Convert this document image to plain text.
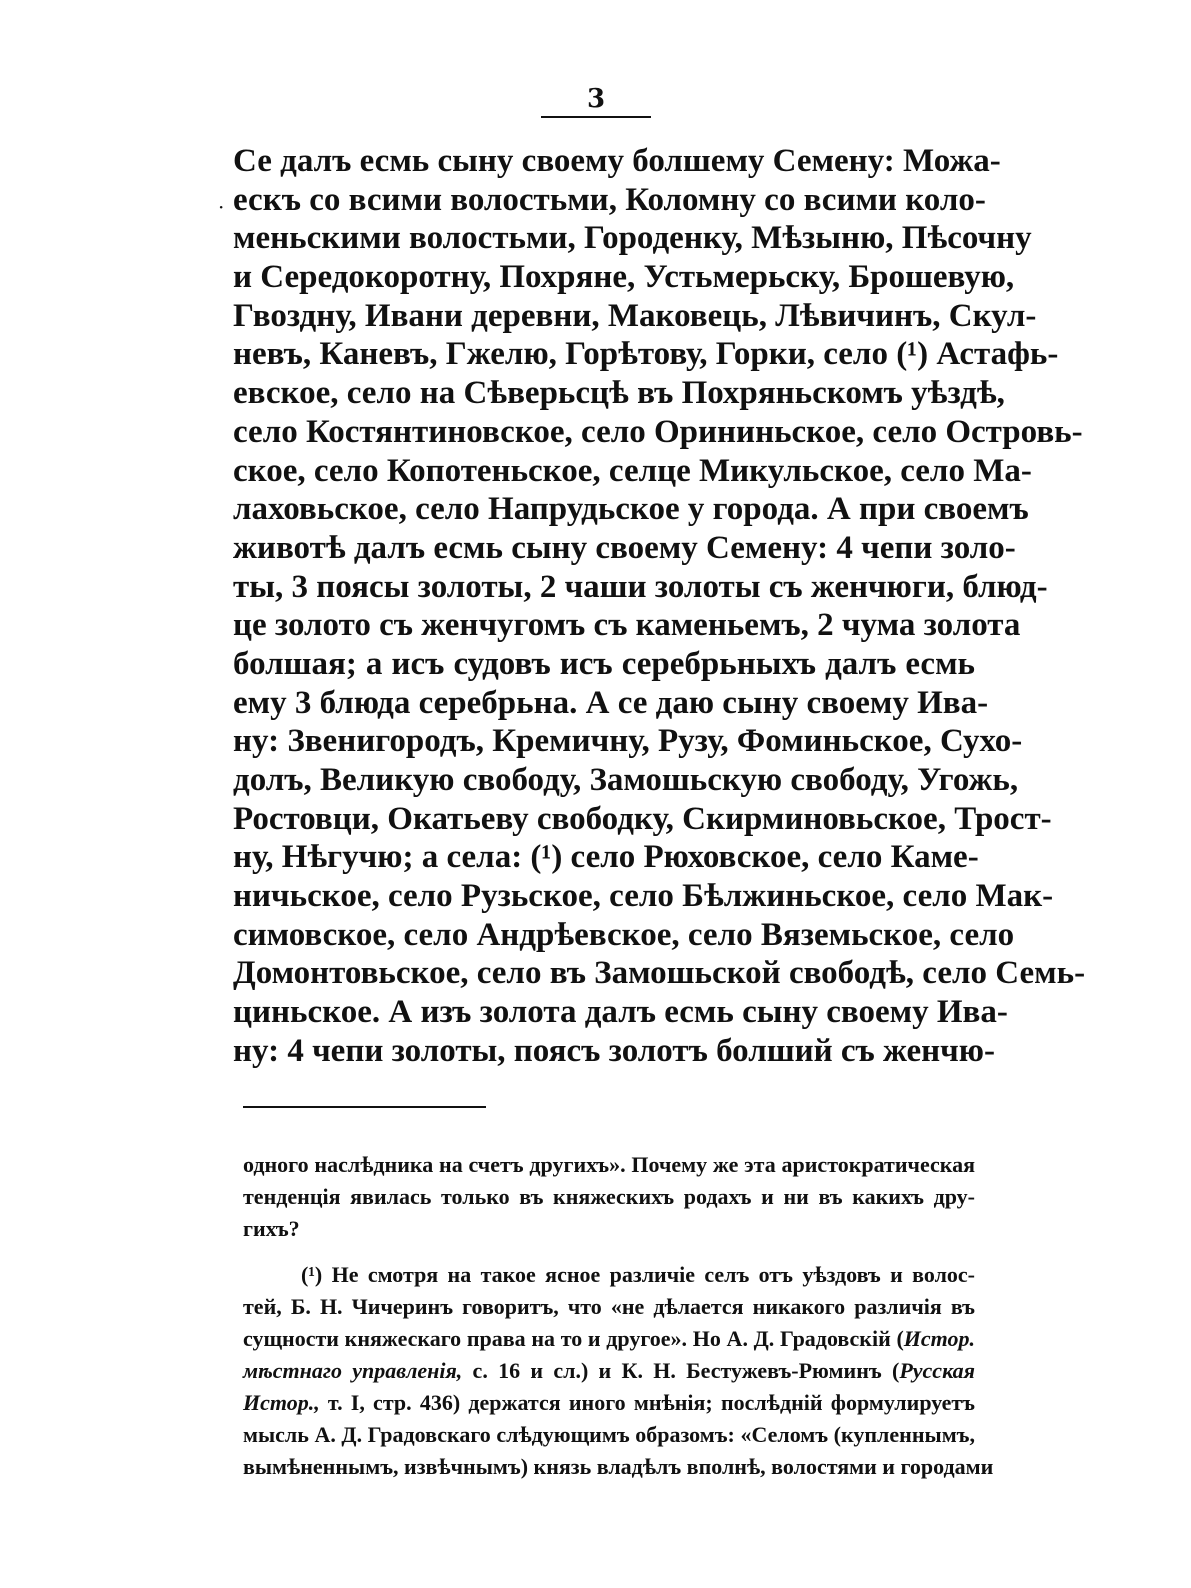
3
·
Се далъ есмь сыну своему болшему Семену: Можа-
ескъ со всими волостьми, Коломну со всими коло-
меньскими волостьми, Городенку, Мѣзыню, Пѣсочну
и Середокоротну, Похряне, Устьмерьску, Брошевую,
Гвоздну, Ивани деревни, Маковець, Лѣвичинъ, Скул-
невъ, Каневъ, Гжелю, Горѣтову, Горки, село (¹) Астафь-
евское, село на Сѣверьсцѣ въ Похряньскомъ уѣздѣ,
село Костянтиновское, село Орининьское, село Островь-
ское, село Копотеньское, селце Микульское, село Ма-
лаховьское, село Напрудьское у города. А при своемъ
животѣ далъ есмь сыну своему Семену: 4 чепи золо-
ты, 3 поясы золоты, 2 чаши золоты съ женчюги, блюд-
це золото съ женчугомъ съ каменьемъ, 2 чума золота
болшая; а исъ судовъ исъ серебрьныхъ далъ есмь
ему 3 блюда серебрьна. А се даю сыну своему Ива-
ну: Звенигородъ, Кремичну, Рузу, Фоминьское, Сухо-
долъ, Великую свободу, Замошьскую свободу, Угожь,
Ростовци, Окатьеву свободку, Скирминовьское, Трост-
ну, Нѣгучю; а села: (¹) село Рюховское, село Каме-
ничьское, село Рузьское, село Бѣлжиньское, село Мак-
симовское, село Андрѣевское, село Вяземьское, село
Домонтовьское, село въ Замошьской свободѣ, село Семь-
циньское. А изъ золота далъ есмь сыну своему Ива-
ну: 4 чепи золоты, поясъ золотъ болший съ женчю-
одного наслѣдника на счетъ другихъ». Почему же эта аристократическая
тенденція явилась только въ княжескихъ родахъ и ни въ какихъ дру-
гихъ?
(¹) Не смотря на такое ясное различіе селъ отъ уѣздовъ и волос-
тей, Б. Н. Чичеринъ говоритъ, что «не дѣлается никакого различія въ
сущности княжескаго права на то и другое». Но А. Д. Градовскій (Истор.
мѣстнаго управленія, с. 16 и сл.) и К. Н. Бестужевъ-Рюминъ (Русская
Истор., т. I, стр. 436) держатся иного мнѣнія; послѣдній формулируетъ
мысль А. Д. Градовскаго слѣдующимъ образомъ: «Селомъ (купленнымъ,
вымѣненнымъ, извѣчнымъ) князь владѣлъ вполнѣ, волостями и городами
